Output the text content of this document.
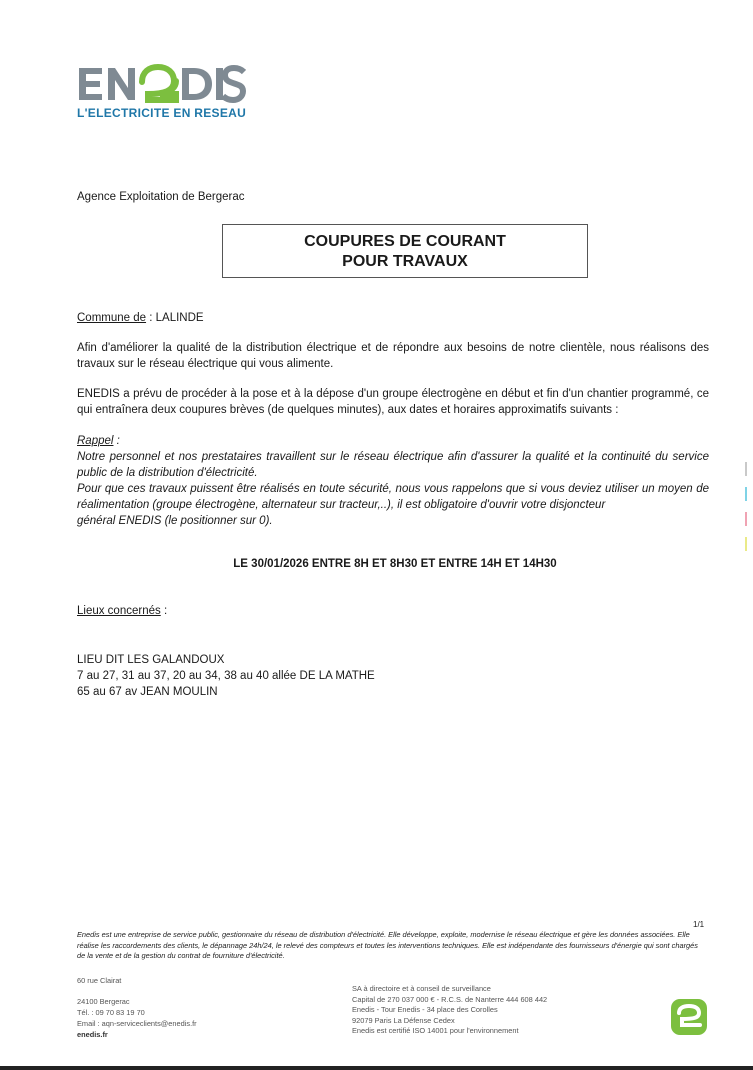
L'ELECTRICITE EN RESEAU
Agence Exploitation de Bergerac
COUPURES DE COURANT
POUR TRAVAUX
Commune de : LALINDE
Afin d'améliorer la qualité de la distribution électrique et de répondre aux besoins de notre clientèle, nous réalisons des travaux sur le réseau électrique qui vous alimente.
ENEDIS a prévu de procéder à la pose et à la dépose d'un groupe électrogène en début et fin d'un chantier programmé, ce qui entraînera deux coupures brèves (de quelques minutes), aux dates et horaires approximatifs suivants :
Rappel :
Notre personnel et nos prestataires travaillent sur le réseau électrique afin d'assurer la qualité et la continuité du service public de la distribution d'électricité.
Pour que ces travaux puissent être réalisés en toute sécurité, nous vous rappelons que si vous deviez utiliser un moyen de réalimentation (groupe électrogène, alternateur sur tracteur,..), il est obligatoire d'ouvrir votre disjoncteur
général ENEDIS (le positionner sur 0).
LE 30/01/2026 ENTRE 8H ET 8H30 ET ENTRE 14H ET 14H30
Lieux concernés :
LIEU DIT LES GALANDOUX
7 au 27, 31 au 37, 20 au 34, 38 au 40 allée DE LA MATHE
65 au 67 av JEAN MOULIN
1/1
Enedis est une entreprise de service public, gestionnaire du réseau de distribution d'électricité. Elle développe, exploite, modernise le réseau électrique et gère les données associées. Elle réalise les raccordements des clients, le dépannage 24h/24, le relevé des compteurs et toutes les interventions techniques. Elle est indépendante des fournisseurs d'énergie qui sont chargés de la vente et de la gestion du contrat de fourniture d'électricité.
60 rue Clairat
24100 Bergerac
Tél. : 09 70 83 19 70
Email : aqn-serviceclients@enedis.fr
enedis.fr
SA à directoire et à conseil de surveillance
Capital de 270 037 000 € - R.C.S. de Nanterre 444 608 442
Enedis - Tour Enedis - 34 place des Corolles
92079 Paris La Défense Cedex
Enedis est certifié ISO 14001 pour l'environnement
